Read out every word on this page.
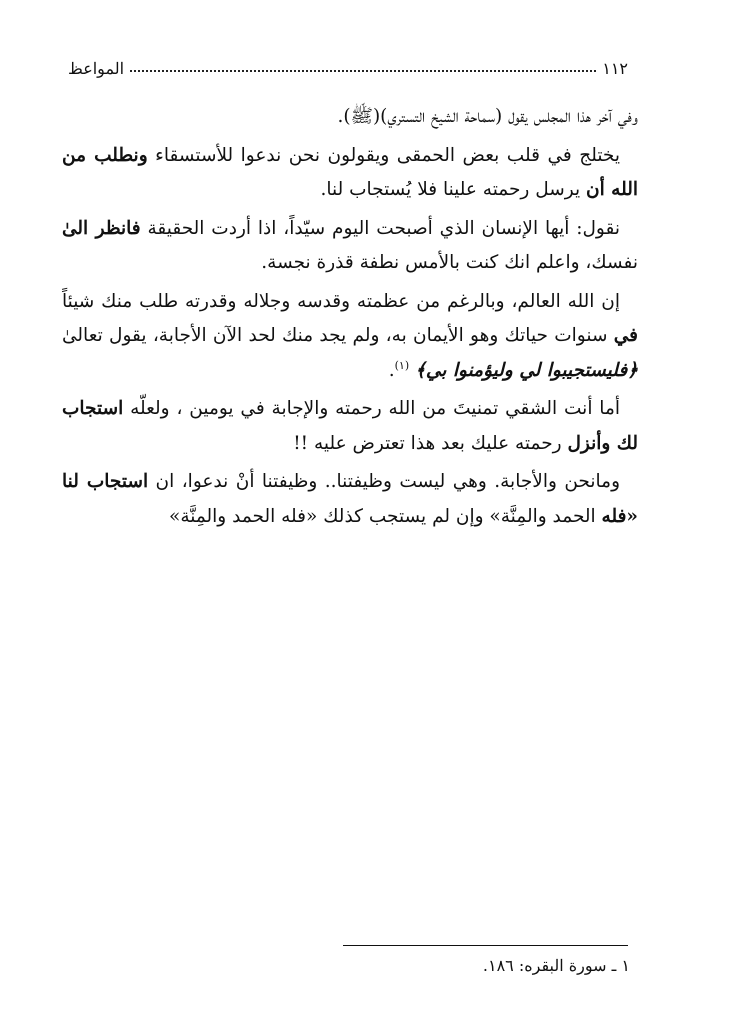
١١٢
المواعظ

وفي آخر هذا المجلس يقول (سماحة الشيخ التستري)(ﷺ).

يختلج في قلب بعض الحمقى ويقولون نحن ندعوا للأستسقاء ونطلب من الله أن يرسل رحمته علينا فلا يُستجاب لنا.

نقول: أيها الإنسان الذي أصبحت اليوم سيّداً، اذا أردت الحقيقة فانظر الىٰ نفسك، واعلم انك كنت بالأمس نطفة قذرة نجسة.

إن الله العالم، وبالرغم من عظمته وقدسه وجلاله وقدرته طلب منك شيئاً في سنوات حياتك وهو الأيمان به، ولم يجد منك لحد الآن الأجابة، يقول تعالىٰ ﴿فليستجيبوا لي وليؤمنوا بي﴾ $^{(١)}$.

أما أنت الشقي تمنيتَ من الله رحمته والإجابة في يومين ، ولعلّه استجاب لك وأنزل رحمته عليك بعد هذا تعترض عليه !!

ومانحن والأجابة. وهي ليست وظيفتنا.. وظيفتنا أنْ ندعوا، ان استجاب لنا «فله الحمد والمِنَّة» وإن لم يستجب كذلك «فله الحمد والمِنَّة»

١ ـ سورة البقره: ١٨٦.
